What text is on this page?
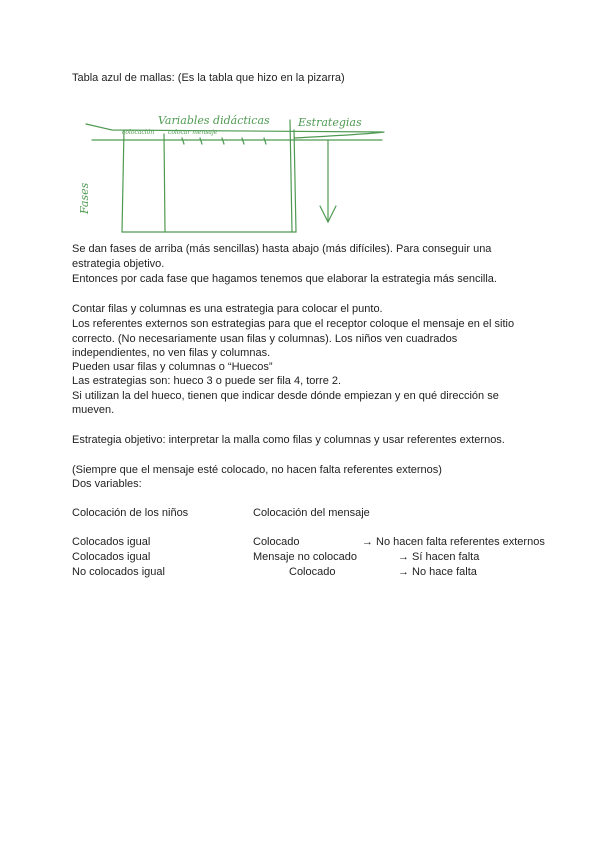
Tabla azul de mallas: (Es la tabla que hizo en la pizarra)

Variables didácticas	Estrategias
colocación colocar mensaje
Fases

Se dan fases de arriba (más sencillas) hasta abajo (más difíciles). Para conseguir una

estrategia objetivo.

Entonces por cada fase que hagamos tenemos que elaborar la estrategia más sencilla.

Contar filas y columnas es una estrategia para colocar el punto.

Los referentes externos son estrategias para que el receptor coloque el mensaje en el sitio

correcto. (No necesariamente usan filas y columnas). Los niños ven cuadrados

independientes, no ven filas y columnas.

Pueden usar filas y columnas o “Huecos”

Las estrategias son: hueco 3 o puede ser fila 4, torre 2.

Si utilizan la del hueco, tienen que indicar desde dónde empiezan y en qué dirección se

mueven.

Estrategia objetivo: interpretar la malla como filas y columnas y usar referentes externos.

(Siempre que el mensaje esté colocado, no hacen falta referentes externos)

Dos variables:

Colocación de los niños	Colocación del mensaje

Colocados igual	Colocado	→ No hacen falta referentes externos

Colocados igual	Mensaje no colocado	→ Sí hacen falta

No colocados igual	Colocado	→ No hace falta
